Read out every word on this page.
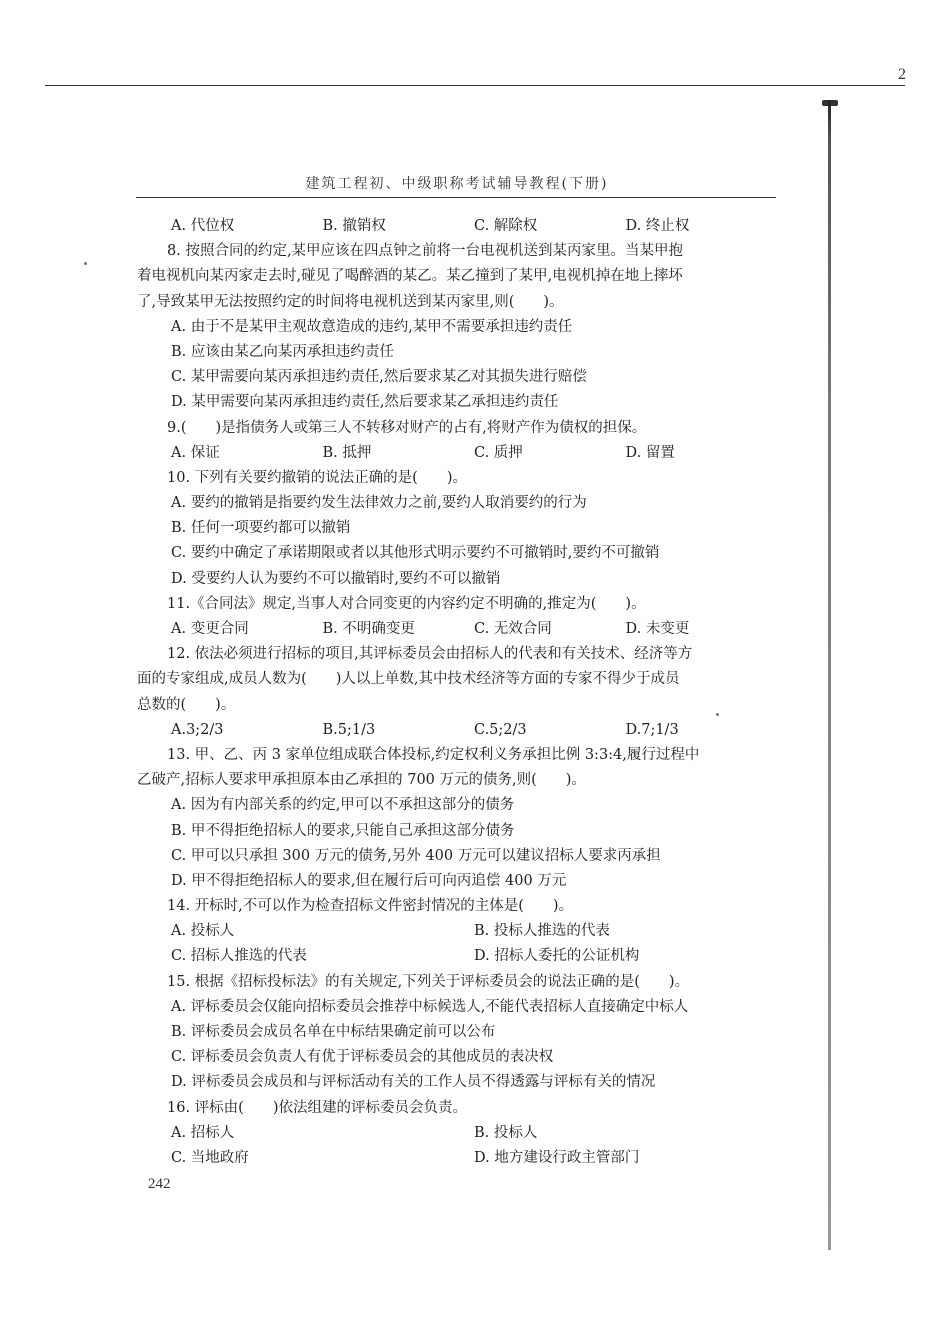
2
建筑工程初、中级职称考试辅导教程(下册)
A. 代位权	B. 撤销权	C. 解除权	D. 终止权
8. 按照合同的约定,某甲应该在四点钟之前将一台电视机送到某丙家里。当某甲抱
着电视机向某丙家走去时,碰见了喝醉酒的某乙。某乙撞到了某甲,电视机掉在地上摔坏
了,导致某甲无法按照约定的时间将电视机送到某丙家里,则(　　)。
A. 由于不是某甲主观故意造成的违约,某甲不需要承担违约责任
B. 应该由某乙向某丙承担违约责任
C. 某甲需要向某丙承担违约责任,然后要求某乙对其损失进行赔偿
D. 某甲需要向某丙承担违约责任,然后要求某乙承担违约责任
9.(　　)是指债务人或第三人不转移对财产的占有,将财产作为债权的担保。
A. 保证	B. 抵押	C. 质押	D. 留置
10. 下列有关要约撤销的说法正确的是(　　)。
A. 要约的撤销是指要约发生法律效力之前,要约人取消要约的行为
B. 任何一项要约都可以撤销
C. 要约中确定了承诺期限或者以其他形式明示要约不可撤销时,要约不可撤销
D. 受要约人认为要约不可以撤销时,要约不可以撤销
11.《合同法》规定,当事人对合同变更的内容约定不明确的,推定为(　　)。
A. 变更合同	B. 不明确变更	C. 无效合同	D. 未变更
12. 依法必须进行招标的项目,其评标委员会由招标人的代表和有关技术、经济等方
面的专家组成,成员人数为(　　)人以上单数,其中技术经济等方面的专家不得少于成员
总数的(　　)。
A.3;2/3	B.5;1/3	C.5;2/3	D.7;1/3
13. 甲、乙、丙 3 家单位组成联合体投标,约定权利义务承担比例 3:3:4,履行过程中
乙破产,招标人要求甲承担原本由乙承担的 700 万元的债务,则(　　)。
A. 因为有内部关系的约定,甲可以不承担这部分的债务
B. 甲不得拒绝招标人的要求,只能自己承担这部分债务
C. 甲可以只承担 300 万元的债务,另外 400 万元可以建议招标人要求丙承担
D. 甲不得拒绝招标人的要求,但在履行后可向丙追偿 400 万元
14. 开标时,不可以作为检查招标文件密封情况的主体是(　　)。
A. 投标人	B. 投标人推选的代表
C. 招标人推选的代表	D. 招标人委托的公证机构
15. 根据《招标投标法》的有关规定,下列关于评标委员会的说法正确的是(　　)。
A. 评标委员会仅能向招标委员会推荐中标候选人,不能代表招标人直接确定中标人
B. 评标委员会成员名单在中标结果确定前可以公布
C. 评标委员会负责人有优于评标委员会的其他成员的表决权
D. 评标委员会成员和与评标活动有关的工作人员不得透露与评标有关的情况
16. 评标由(　　)依法组建的评标委员会负责。
A. 招标人	B. 投标人
C. 当地政府	D. 地方建设行政主管部门
242
